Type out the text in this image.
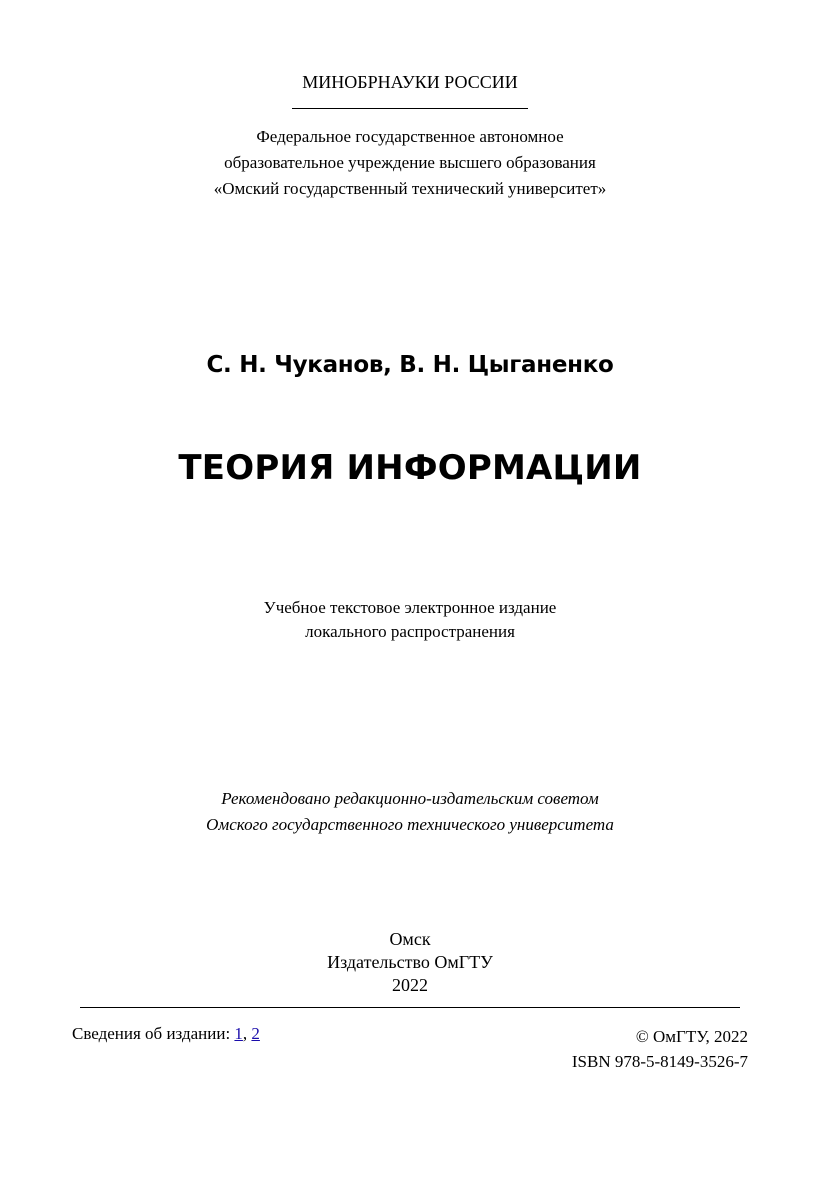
МИНОБРНАУКИ РОССИИ
Федеральное государственное автономное
образовательное учреждение высшего образования
«Омский государственный технический университет»
С. Н. Чуканов, В. Н. Цыганенко
ТЕОРИЯ ИНФОРМАЦИИ
Учебное текстовое электронное издание
локального распространения
Рекомендовано редакционно-издательским советом
Омского государственного технического университета
Омск
Издательство ОмГТУ
2022
Сведения об издании: 1, 2	© ОмГТУ, 2022
ISBN 978-5-8149-3526-7
